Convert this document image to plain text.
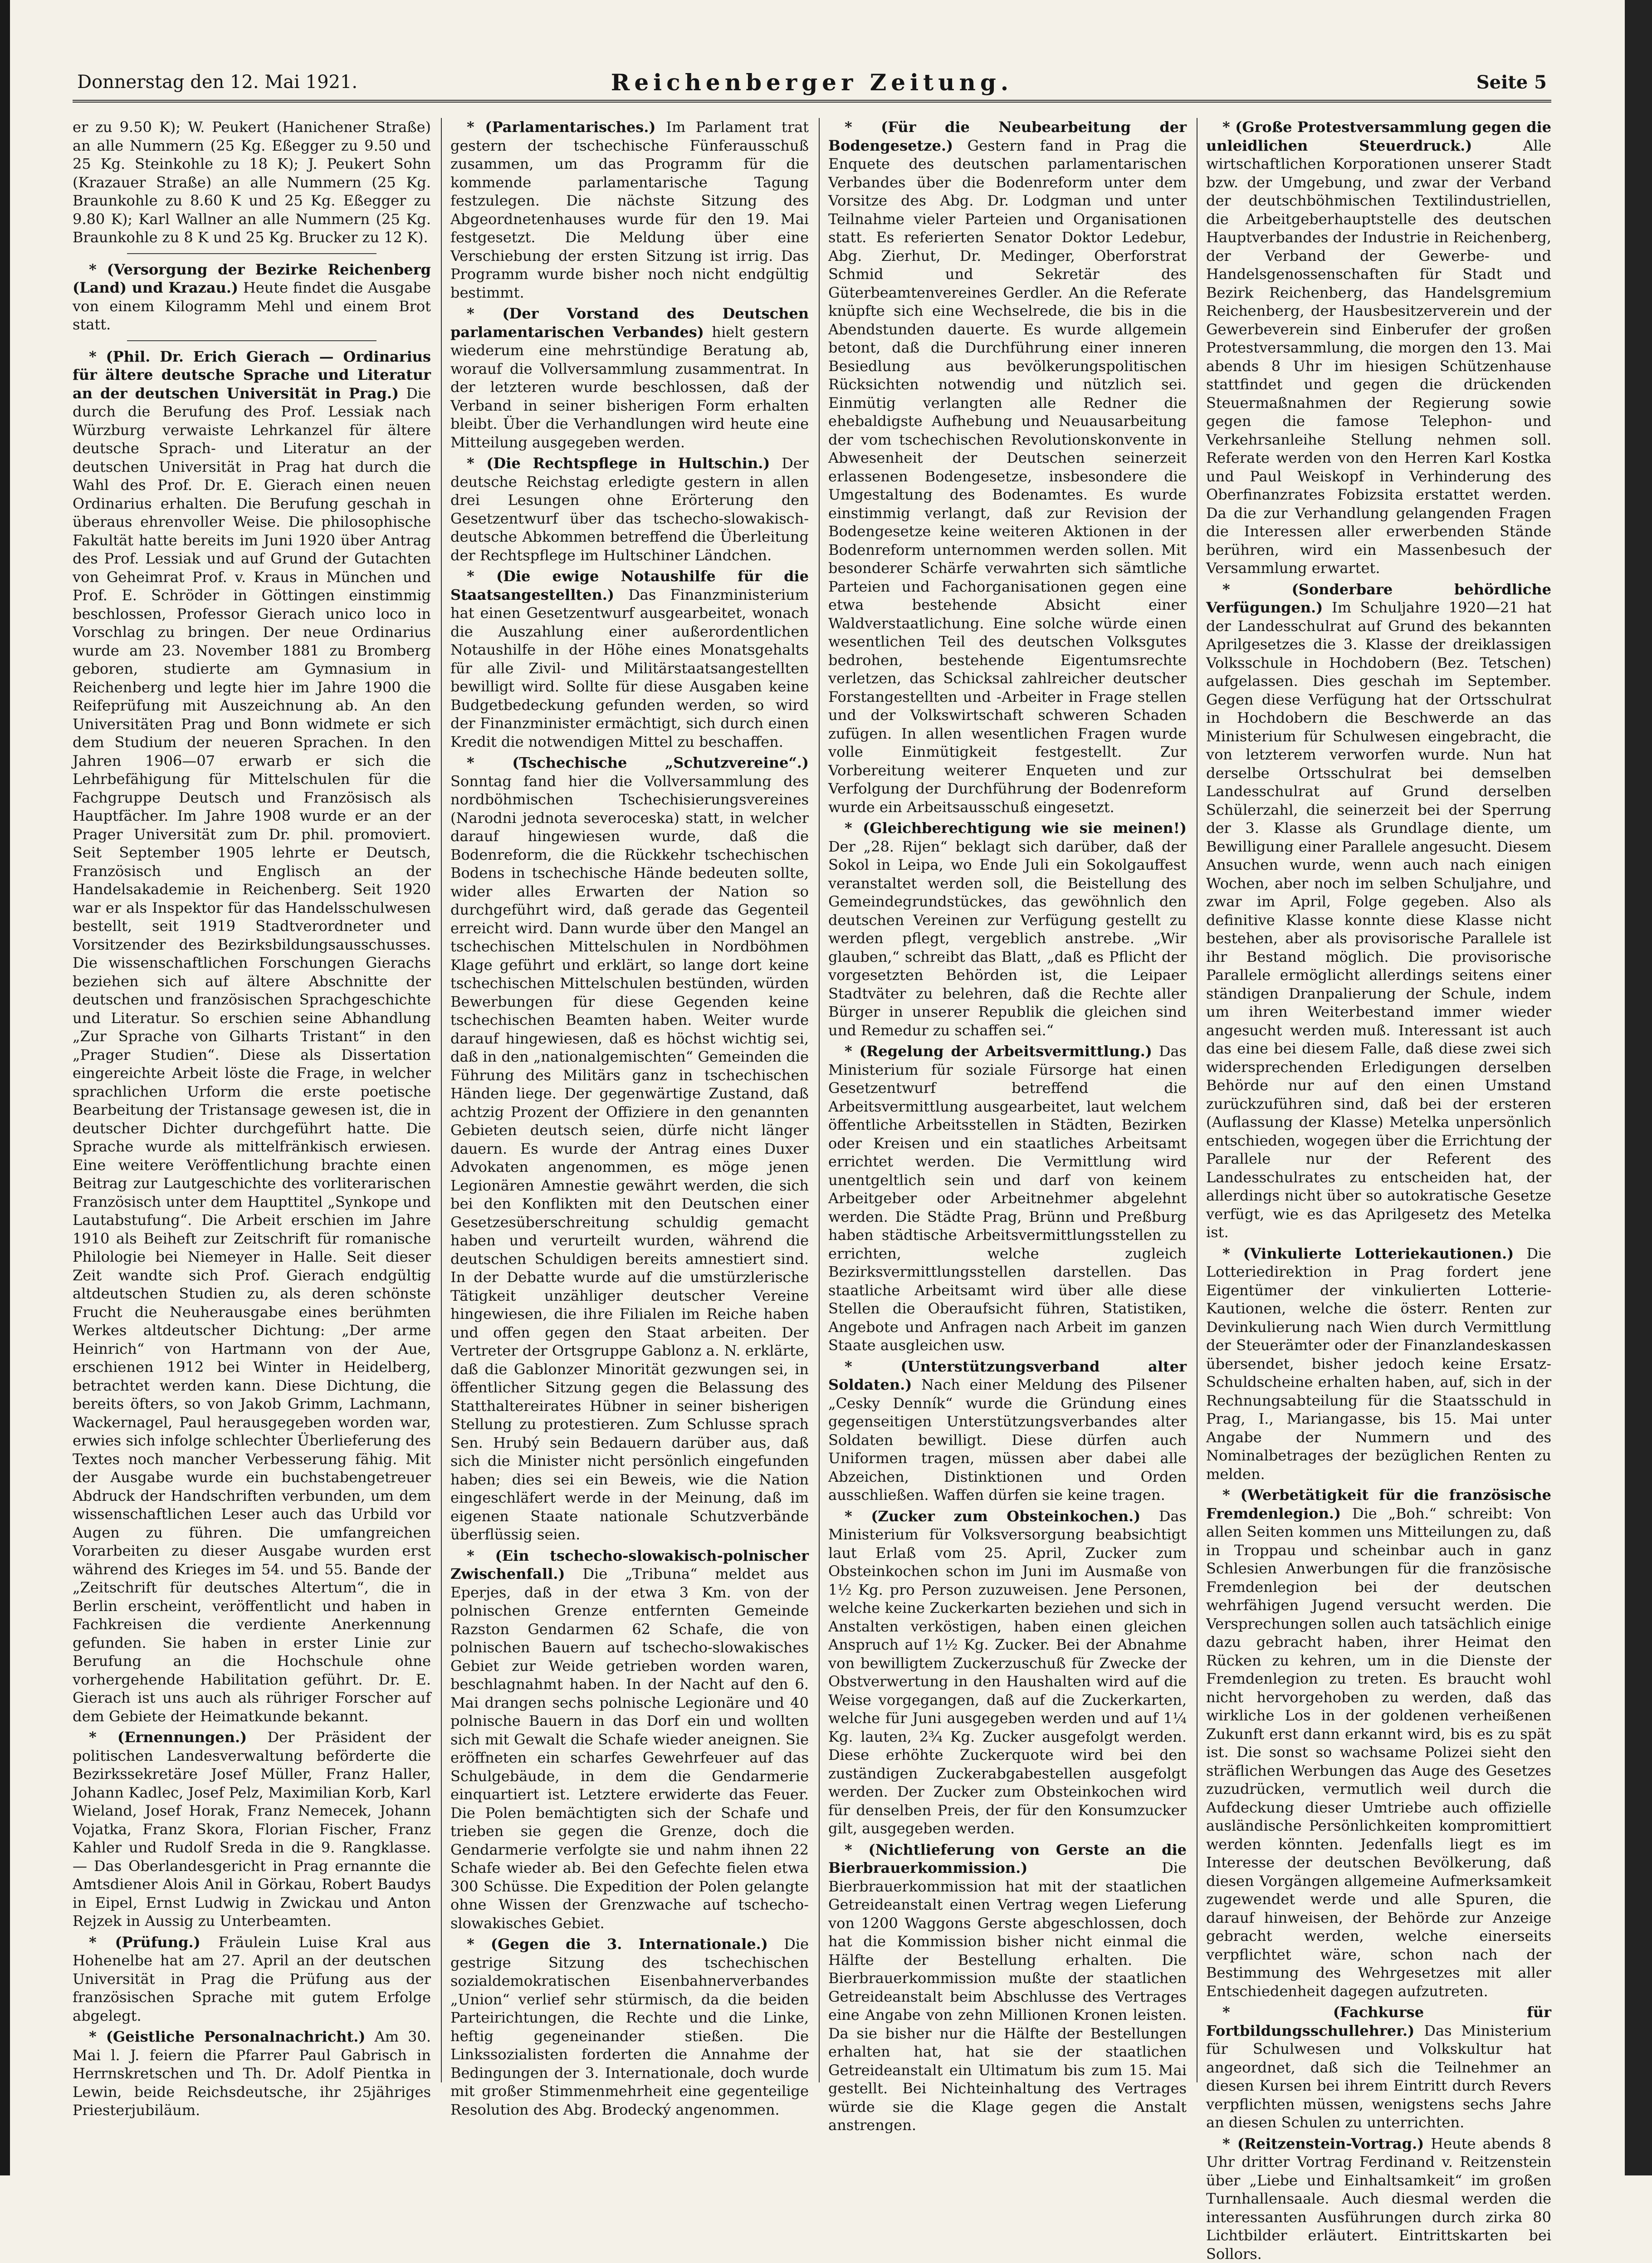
Donnerstag den 12. Mai 1921.	Reichenberger Zeitung.	Seite 5

er zu 9.50 K); W. Peukert (Hanichener Straße) an alle Nummern (25 Kg. Eßegger zu 9.50 und 25 Kg. Steinkohle zu 18 K); J. Peukert Sohn (Krazauer Straße) an alle Nummern (25 Kg. Braunkohle zu 8.60 K und 25 Kg. Eßegger zu 9.80 K); Karl Wallner an alle Nummern (25 Kg. Braunkohle zu 8 K und 25 Kg. Brucker zu 12 K).

* (Versorgung der Bezirke Reichenberg (Land) und Krazau.) Heute findet die Ausgabe von einem Kilogramm Mehl und einem Brot statt.

* (Phil. Dr. Erich Gierach — Ordinarius für ältere deutsche Sprache und Literatur an der deutschen Universität in Prag.) Die durch die Berufung des Prof. Lessiak nach Würzburg verwaiste Lehrkanzel für ältere deutsche Sprach- und Literatur an der deutschen Universität in Prag hat durch die Wahl des Prof. Dr. E. Gierach einen neuen Ordinarius erhalten. Die Berufung geschah in überaus ehrenvoller Weise. Die philosophische Fakultät hatte bereits im Juni 1920 über Antrag des Prof. Lessiak und auf Grund der Gutachten von Geheimrat Prof. v. Kraus in München und Prof. E. Schröder in Göttingen einstimmig beschlossen, Professor Gierach unico loco in Vorschlag zu bringen. Der neue Ordinarius wurde am 23. November 1881 zu Bromberg geboren, studierte am Gymnasium in Reichenberg und legte hier im Jahre 1900 die Reifeprüfung mit Auszeichnung ab. An den Universitäten Prag und Bonn widmete er sich dem Studium der neueren Sprachen. In den Jahren 1906—07 erwarb er sich die Lehrbefähigung für Mittelschulen für die Fachgruppe Deutsch und Französisch als Hauptfächer. Im Jahre 1908 wurde er an der Prager Universität zum Dr. phil. promoviert. Seit September 1905 lehrte er Deutsch, Französisch und Englisch an der Handelsakademie in Reichenberg. Seit 1920 war er als Inspektor für das Handelsschulwesen bestellt, seit 1919 Stadtverordneter und Vorsitzender des Bezirksbildungsausschusses. Die wissenschaftlichen Forschungen Gierachs beziehen sich auf ältere Abschnitte der deutschen und französischen Sprachgeschichte und Literatur. So erschien seine Abhandlung „Zur Sprache von Gilharts Tristant“ in den „Prager Studien“. Diese als Dissertation eingereichte Arbeit löste die Frage, in welcher sprachlichen Urform die erste poetische Bearbeitung der Tristansage gewesen ist, die in deutscher Dichter durchgeführt hatte. Die Sprache wurde als mittelfränkisch erwiesen. Eine weitere Veröffentlichung brachte einen Beitrag zur Lautgeschichte des vorliterarischen Französisch unter dem Haupttitel „Synkope und Lautabstufung“. Die Arbeit erschien im Jahre 1910 als Beiheft zur Zeitschrift für romanische Philologie bei Niemeyer in Halle. Seit dieser Zeit wandte sich Prof. Gierach endgültig altdeutschen Studien zu, als deren schönste Frucht die Neuherausgabe eines berühmten Werkes altdeutscher Dichtung: „Der arme Heinrich“ von Hartmann von der Aue, erschienen 1912 bei Winter in Heidelberg, betrachtet werden kann. Diese Dichtung, die bereits öfters, so von Jakob Grimm, Lachmann, Wackernagel, Paul herausgegeben worden war, erwies sich infolge schlechter Überlieferung des Textes noch mancher Verbesserung fähig. Mit der Ausgabe wurde ein buchstabengetreuer Abdruck der Handschriften verbunden, um dem wissenschaftlichen Leser auch das Urbild vor Augen zu führen. Die umfangreichen Vorarbeiten zu dieser Ausgabe wurden erst während des Krieges im 54. und 55. Bande der „Zeitschrift für deutsches Altertum“, die in Berlin erscheint, veröffentlicht und haben in Fachkreisen die verdiente Anerkennung gefunden. Sie haben in erster Linie zur Berufung an die Hochschule ohne vorhergehende Habilitation geführt. Dr. E. Gierach ist uns auch als rühriger Forscher auf dem Gebiete der Heimatkunde bekannt.

* (Ernennungen.) Der Präsident der politischen Landesverwaltung beförderte die Bezirkssekretäre Josef Müller, Franz Haller, Johann Kadlec, Josef Pelz, Maximilian Korb, Karl Wieland, Josef Horak, Franz Nemecek, Johann Vojatka, Franz Skora, Florian Fischer, Franz Kahler und Rudolf Sreda in die 9. Rangklasse. — Das Oberlandesgericht in Prag ernannte die Amtsdiener Alois Anil in Görkau, Robert Baudys in Eipel, Ernst Ludwig in Zwickau und Anton Rejzek in Aussig zu Unterbeamten.

* (Prüfung.) Fräulein Luise Kral aus Hohenelbe hat am 27. April an der deutschen Universität in Prag die Prüfung aus der französischen Sprache mit gutem Erfolge abgelegt.

* (Geistliche Personalnachricht.) Am 30. Mai l. J. feiern die Pfarrer Paul Gabrisch in Herrnskretschen und Th. Dr. Adolf Pientka in Lewin, beide Reichsdeutsche, ihr 25jähriges Priesterjubiläum.

* (Parlamentarisches.) Im Parlament trat gestern der tschechische Fünferausschuß zusammen, um das Programm für die kommende parlamentarische Tagung festzulegen. Die nächste Sitzung des Abgeordnetenhauses wurde für den 19. Mai festgesetzt. Die Meldung über eine Verschiebung der ersten Sitzung ist irrig. Das Programm wurde bisher noch nicht endgültig bestimmt.

* (Der Vorstand des Deutschen parlamentarischen Verbandes) hielt gestern wiederum eine mehrstündige Beratung ab, worauf die Vollversammlung zusammentrat. In der letzteren wurde beschlossen, daß der Verband in seiner bisherigen Form erhalten bleibt. Über die Verhandlungen wird heute eine Mitteilung ausgegeben werden.

* (Die Rechtspflege in Hultschin.) Der deutsche Reichstag erledigte gestern in allen drei Lesungen ohne Erörterung den Gesetzentwurf über das tschecho-slowakisch-deutsche Abkommen betreffend die Überleitung der Rechtspflege im Hultschiner Ländchen.

* (Die ewige Notaushilfe für die Staatsangestellten.) Das Finanzministerium hat einen Gesetzentwurf ausgearbeitet, wonach die Auszahlung einer außerordentlichen Notaushilfe in der Höhe eines Monatsgehalts für alle Zivil- und Militärstaatsangestellten bewilligt wird. Sollte für diese Ausgaben keine Budgetbedeckung gefunden werden, so wird der Finanzminister ermächtigt, sich durch einen Kredit die notwendigen Mittel zu beschaffen.

* (Tschechische „Schutzvereine“.) Sonntag fand hier die Vollversammlung des nordböhmischen Tschechisierungsvereines (Narodni jednota severoceska) statt, in welcher darauf hingewiesen wurde, daß die Bodenreform, die die Rückkehr tschechischen Bodens in tschechische Hände bedeuten sollte, wider alles Erwarten der Nation so durchgeführt wird, daß gerade das Gegenteil erreicht wird. Dann wurde über den Mangel an tschechischen Mittelschulen in Nordböhmen Klage geführt und erklärt, so lange dort keine tschechischen Mittelschulen bestünden, würden Bewerbungen für diese Gegenden keine tschechischen Beamten haben. Weiter wurde darauf hingewiesen, daß es höchst wichtig sei, daß in den „nationalgemischten“ Gemeinden die Führung des Militärs ganz in tschechischen Händen liege. Der gegenwärtige Zustand, daß achtzig Prozent der Offiziere in den genannten Gebieten deutsch seien, dürfe nicht länger dauern. Es wurde der Antrag eines Duxer Advokaten angenommen, es möge jenen Legionären Amnestie gewährt werden, die sich bei den Konflikten mit den Deutschen einer Gesetzesüberschreitung schuldig gemacht haben und verurteilt wurden, während die deutschen Schuldigen bereits amnestiert sind. In der Debatte wurde auf die umstürzlerische Tätigkeit unzähliger deutscher Vereine hingewiesen, die ihre Filialen im Reiche haben und offen gegen den Staat arbeiten. Der Vertreter der Ortsgruppe Gablonz a. N. erklärte, daß die Gablonzer Minorität gezwungen sei, in öffentlicher Sitzung gegen die Belassung des Statthaltereirates Hübner in seiner bisherigen Stellung zu protestieren. Zum Schlusse sprach Sen. Hrubý sein Bedauern darüber aus, daß sich die Minister nicht persönlich eingefunden haben; dies sei ein Beweis, wie die Nation eingeschläfert werde in der Meinung, daß im eigenen Staate nationale Schutzverbände überflüssig seien.

* (Ein tschecho-slowakisch-polnischer Zwischenfall.) Die „Tribuna“ meldet aus Eperjes, daß in der etwa 3 Km. von der polnischen Grenze entfernten Gemeinde Razston Gendarmen 62 Schafe, die von polnischen Bauern auf tschecho-slowakisches Gebiet zur Weide getrieben worden waren, beschlagnahmt haben. In der Nacht auf den 6. Mai drangen sechs polnische Legionäre und 40 polnische Bauern in das Dorf ein und wollten sich mit Gewalt die Schafe wieder aneignen. Sie eröffneten ein scharfes Gewehrfeuer auf das Schulgebäude, in dem die Gendarmerie einquartiert ist. Letztere erwiderte das Feuer. Die Polen bemächtigten sich der Schafe und trieben sie gegen die Grenze, doch die Gendarmerie verfolgte sie und nahm ihnen 22 Schafe wieder ab. Bei den Gefechte fielen etwa 300 Schüsse. Die Expedition der Polen gelangte ohne Wissen der Grenzwache auf tschecho-slowakisches Gebiet.

* (Gegen die 3. Internationale.) Die gestrige Sitzung des tschechischen sozialdemokratischen Eisenbahnerverbandes „Union“ verlief sehr stürmisch, da die beiden Parteirichtungen, die Rechte und die Linke, heftig gegeneinander stießen. Die Linkssozialisten forderten die Annahme der Bedingungen der 3. Internationale, doch wurde mit großer Stimmenmehrheit eine gegenteilige Resolution des Abg. Brodecký angenommen.

* (Für die Neubearbeitung der Bodengesetze.) Gestern fand in Prag die Enquete des deutschen parlamentarischen Verbandes über die Bodenreform unter dem Vorsitze des Abg. Dr. Lodgman und unter Teilnahme vieler Parteien und Organisationen statt. Es referierten Senator Doktor Ledebur, Abg. Zierhut, Dr. Medinger, Oberforstrat Schmid und Sekretär des Güterbeamtenvereines Gerdler. An die Referate knüpfte sich eine Wechselrede, die bis in die Abendstunden dauerte. Es wurde allgemein betont, daß die Durchführung einer inneren Besiedlung aus bevölkerungspolitischen Rücksichten notwendig und nützlich sei. Einmütig verlangten alle Redner die ehebaldigste Aufhebung und Neuausarbeitung der vom tschechischen Revolutionskonvente in Abwesenheit der Deutschen seinerzeit erlassenen Bodengesetze, insbesondere die Umgestaltung des Bodenamtes. Es wurde einstimmig verlangt, daß zur Revision der Bodengesetze keine weiteren Aktionen in der Bodenreform unternommen werden sollen. Mit besonderer Schärfe verwahrten sich sämtliche Parteien und Fachorganisationen gegen eine etwa bestehende Absicht einer Waldverstaatlichung. Eine solche würde einen wesentlichen Teil des deutschen Volksgutes bedrohen, bestehende Eigentumsrechte verletzen, das Schicksal zahlreicher deutscher Forstangestellten und -Arbeiter in Frage stellen und der Volkswirtschaft schweren Schaden zufügen. In allen wesentlichen Fragen wurde volle Einmütigkeit festgestellt. Zur Vorbereitung weiterer Enqueten und zur Verfolgung der Durchführung der Bodenreform wurde ein Arbeitsausschuß eingesetzt.

* (Gleichberechtigung wie sie meinen!) Der „28. Rijen“ beklagt sich darüber, daß der Sokol in Leipa, wo Ende Juli ein Sokolgauffest veranstaltet werden soll, die Beistellung des Gemeindegrundstückes, das gewöhnlich den deutschen Vereinen zur Verfügung gestellt zu werden pflegt, vergeblich anstrebe. „Wir glauben,“ schreibt das Blatt, „daß es Pflicht der vorgesetzten Behörden ist, die Leipaer Stadtväter zu belehren, daß die Rechte aller Bürger in unserer Republik die gleichen sind und Remedur zu schaffen sei.“

* (Regelung der Arbeitsvermittlung.) Das Ministerium für soziale Fürsorge hat einen Gesetzentwurf betreffend die Arbeitsvermittlung ausgearbeitet, laut welchem öffentliche Arbeitsstellen in Städten, Bezirken oder Kreisen und ein staatliches Arbeitsamt errichtet werden. Die Vermittlung wird unentgeltlich sein und darf von keinem Arbeitgeber oder Arbeitnehmer abgelehnt werden. Die Städte Prag, Brünn und Preßburg haben städtische Arbeitsvermittlungsstellen zu errichten, welche zugleich Bezirksvermittlungsstellen darstellen. Das staatliche Arbeitsamt wird über alle diese Stellen die Oberaufsicht führen, Statistiken, Angebote und Anfragen nach Arbeit im ganzen Staate ausgleichen usw.

* (Unterstützungsverband alter Soldaten.) Nach einer Meldung des Pilsener „Cesky Denník“ wurde die Gründung eines gegenseitigen Unterstützungsverbandes alter Soldaten bewilligt. Diese dürfen auch Uniformen tragen, müssen aber dabei alle Abzeichen, Distinktionen und Orden ausschließen. Waffen dürfen sie keine tragen.

* (Zucker zum Obsteinkochen.) Das Ministerium für Volksversorgung beabsichtigt laut Erlaß vom 25. April, Zucker zum Obsteinkochen schon im Juni im Ausmaße von 1½ Kg. pro Person zuzuweisen. Jene Personen, welche keine Zuckerkarten beziehen und sich in Anstalten verköstigen, haben einen gleichen Anspruch auf 1½ Kg. Zucker. Bei der Abnahme von bewilligtem Zuckerzuschuß für Zwecke der Obstverwertung in den Haushalten wird auf die Weise vorgegangen, daß auf die Zuckerkarten, welche für Juni ausgegeben werden und auf 1¼ Kg. lauten, 2¾ Kg. Zucker ausgefolgt werden. Diese erhöhte Zuckerquote wird bei den zuständigen Zuckerabgabestellen ausgefolgt werden. Der Zucker zum Obsteinkochen wird für denselben Preis, der für den Konsumzucker gilt, ausgegeben werden.

* (Nichtlieferung von Gerste an die Bierbrauerkommission.)	Die Bierbrauerkommission hat mit der staatlichen Getreideanstalt einen Vertrag wegen Lieferung von 1200 Waggons Gerste abgeschlossen, doch hat die Kommission bisher nicht einmal die Hälfte der Bestellung erhalten. Die Bierbrauerkommission mußte der staatlichen Getreideanstalt beim Abschlusse des Vertrages eine Angabe von zehn Millionen Kronen leisten. Da sie bisher nur die Hälfte der Bestellungen erhalten hat, hat sie der staatlichen Getreideanstalt ein Ultimatum bis zum 15. Mai gestellt. Bei Nichteinhaltung des Vertrages würde sie die Klage gegen die Anstalt anstrengen.

* (Große Protestversammlung gegen die unleidlichen Steuerdruck.)	Alle wirtschaftlichen Korporationen unserer Stadt bzw. der Umgebung, und zwar der Verband der deutschböhmischen Textilindustriellen, die Arbeitgeberhauptstelle des deutschen Hauptverbandes der Industrie in Reichenberg, der Verband der Gewerbe- und Handelsgenossenschaften für Stadt und Bezirk Reichenberg, das Handelsgremium Reichenberg, der Hausbesitzerverein und der Gewerbeverein sind Einberufer der großen Protestversammlung, die morgen den 13. Mai abends 8 Uhr im hiesigen Schützenhause stattfindet und gegen die drückenden Steuermaßnahmen der Regierung sowie gegen die famose Telephon- und Verkehrsanleihe Stellung nehmen soll. Referate werden von den Herren Karl Kostka und Paul Weiskopf in Verhinderung des Oberfinanzrates Fobizsita erstattet werden. Da die zur Verhandlung gelangenden Fragen die Interessen aller erwerbenden Stände berühren, wird ein Massenbesuch der Versammlung erwartet.

* (Sonderbare behördliche Verfügungen.) Im Schuljahre 1920—21 hat der Landesschulrat auf Grund des bekannten Aprilgesetzes die 3. Klasse der dreiklassigen Volksschule in Hochdobern (Bez. Tetschen) aufgelassen. Dies geschah im September. Gegen diese Verfügung hat der Ortsschulrat in Hochdobern die Beschwerde an das Ministerium für Schulwesen eingebracht, die von letzterem verworfen wurde. Nun hat derselbe Ortsschulrat bei demselben Landesschulrat auf Grund derselben Schülerzahl, die seinerzeit bei der Sperrung der 3. Klasse als Grundlage diente, um Bewilligung einer Parallele angesucht. Diesem Ansuchen wurde, wenn auch nach einigen Wochen, aber noch im selben Schuljahre, und zwar im April, Folge gegeben. Also als definitive Klasse konnte diese Klasse nicht bestehen, aber als provisorische Parallele ist ihr Bestand möglich. Die provisorische Parallele ermöglicht allerdings seitens einer ständigen Dranpalierung der Schule, indem um ihren Weiterbestand immer wieder angesucht werden muß. Interessant ist auch das eine bei diesem Falle, daß diese zwei sich widersprechenden Erledigungen derselben Behörde nur auf den einen Umstand zurückzuführen sind, daß bei der ersteren (Auflassung der Klasse) Metelka unpersönlich entschieden, wogegen über die Errichtung der Parallele nur der Referent des Landesschulrates zu entscheiden hat, der allerdings nicht über so autokratische Gesetze verfügt, wie es das Aprilgesetz des Metelka ist.

* (Vinkulierte Lotteriekautionen.) Die Lotteriedirektion in Prag fordert jene Eigentümer der vinkulierten Lotterie-Kautionen, welche die österr. Renten zur Devinkulierung nach Wien durch Vermittlung der Steuerämter oder der Finanzlandeskassen übersendet, bisher jedoch keine Ersatz-Schuldscheine erhalten haben, auf, sich in der Rechnungsabteilung für die Staatsschuld in Prag, I., Mariangasse, bis 15. Mai unter Angabe der Nummern und des Nominalbetrages der bezüglichen Renten zu melden.

* (Werbetätigkeit für die französische Fremdenlegion.) Die „Boh.“ schreibt: Von allen Seiten kommen uns Mitteilungen zu, daß in Troppau und scheinbar auch in ganz Schlesien Anwerbungen für die französische Fremdenlegion bei der deutschen wehrfähigen Jugend versucht werden. Die Versprechungen sollen auch tatsächlich einige dazu gebracht haben, ihrer Heimat den Rücken zu kehren, um in die Dienste der Fremdenlegion zu treten. Es braucht wohl nicht hervorgehoben zu werden, daß das wirkliche Los in der goldenen verheißenen Zukunft erst dann erkannt wird, bis es zu spät ist. Die sonst so wachsame Polizei sieht den sträflichen Werbungen das Auge des Gesetzes zuzudrücken, vermutlich weil durch die Aufdeckung dieser Umtriebe auch offizielle ausländische Persönlichkeiten kompromittiert werden könnten. Jedenfalls liegt es im Interesse der deutschen Bevölkerung, daß diesen Vorgängen allgemeine Aufmerksamkeit zugewendet werde und alle Spuren, die darauf hinweisen, der Behörde zur Anzeige gebracht werden, welche einerseits verpflichtet wäre, schon nach der Bestimmung des Wehrgesetzes mit aller Entschiedenheit dagegen aufzutreten.

* (Fachkurse für Fortbildungsschullehrer.) Das Ministerium für Schulwesen und Volkskultur hat angeordnet, daß sich die Teilnehmer an diesen Kursen bei ihrem Eintritt durch Revers verpflichten müssen, wenigstens sechs Jahre an diesen Schulen zu unterrichten.

* (Reitzenstein-Vortrag.) Heute abends 8 Uhr dritter Vortrag Ferdinand v. Reitzenstein über „Liebe und Einhaltsamkeit“ im großen Turnhallensaale. Auch diesmal werden die interessanten Ausführungen durch zirka 80 Lichtbilder erläutert. Eintrittskarten bei Sollors.
